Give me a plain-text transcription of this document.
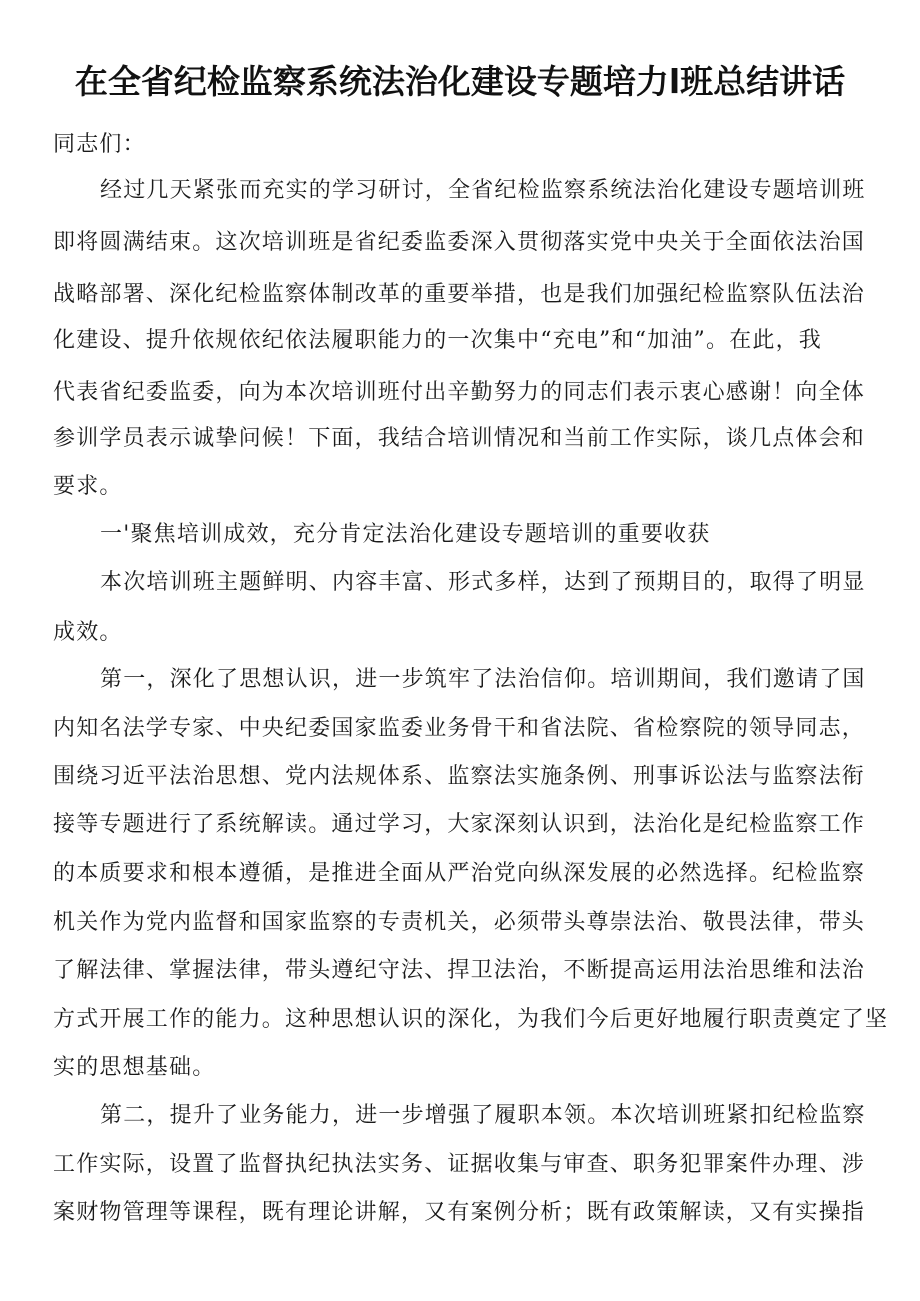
在全省纪检监察系统法治化建设专题培力l班总结讲话
同志们：
经过几天紧张而充实的学习研讨，全省纪检监察系统法治化建设专题培训班
即将圆满结束。这次培训班是省纪委监委深入贯彻落实党中央关于全面依法治国
战略部署、深化纪检监察体制改革的重要举措，也是我们加强纪检监察队伍法治
化建设、提升依规依纪依法履职能力的一次集中“充电”和“加油”。在此，我
代表省纪委监委，向为本次培训班付出辛勤努力的同志们表示衷心感谢！向全体
参训学员表示诚挚问候！下面，我结合培训情况和当前工作实际，谈几点体会和
要求。
一'聚焦培训成效，充分肯定法治化建设专题培训的重要收获
本次培训班主题鲜明、内容丰富、形式多样，达到了预期目的，取得了明显
成效。
第一，深化了思想认识，进一步筑牢了法治信仰。培训期间，我们邀请了国
内知名法学专家、中央纪委国家监委业务骨干和省法院、省检察院的领导同志，
围绕习近平法治思想、党内法规体系、监察法实施条例、刑事诉讼法与监察法衔
接等专题进行了系统解读。通过学习，大家深刻认识到，法治化是纪检监察工作
的本质要求和根本遵循，是推进全面从严治党向纵深发展的必然选择。纪检监察
机关作为党内监督和国家监察的专责机关，必须带头尊崇法治、敬畏法律，带头
了解法律、掌握法律，带头遵纪守法、捍卫法治，不断提高运用法治思维和法治
方式开展工作的能力。这种思想认识的深化，为我们今后更好地履行职责奠定了坚
实的思想基础。
第二，提升了业务能力，进一步增强了履职本领。本次培训班紧扣纪检监察
工作实际，设置了监督执纪执法实务、证据收集与审查、职务犯罪案件办理、涉
案财物管理等课程，既有理论讲解，又有案例分析；既有政策解读，又有实操指
